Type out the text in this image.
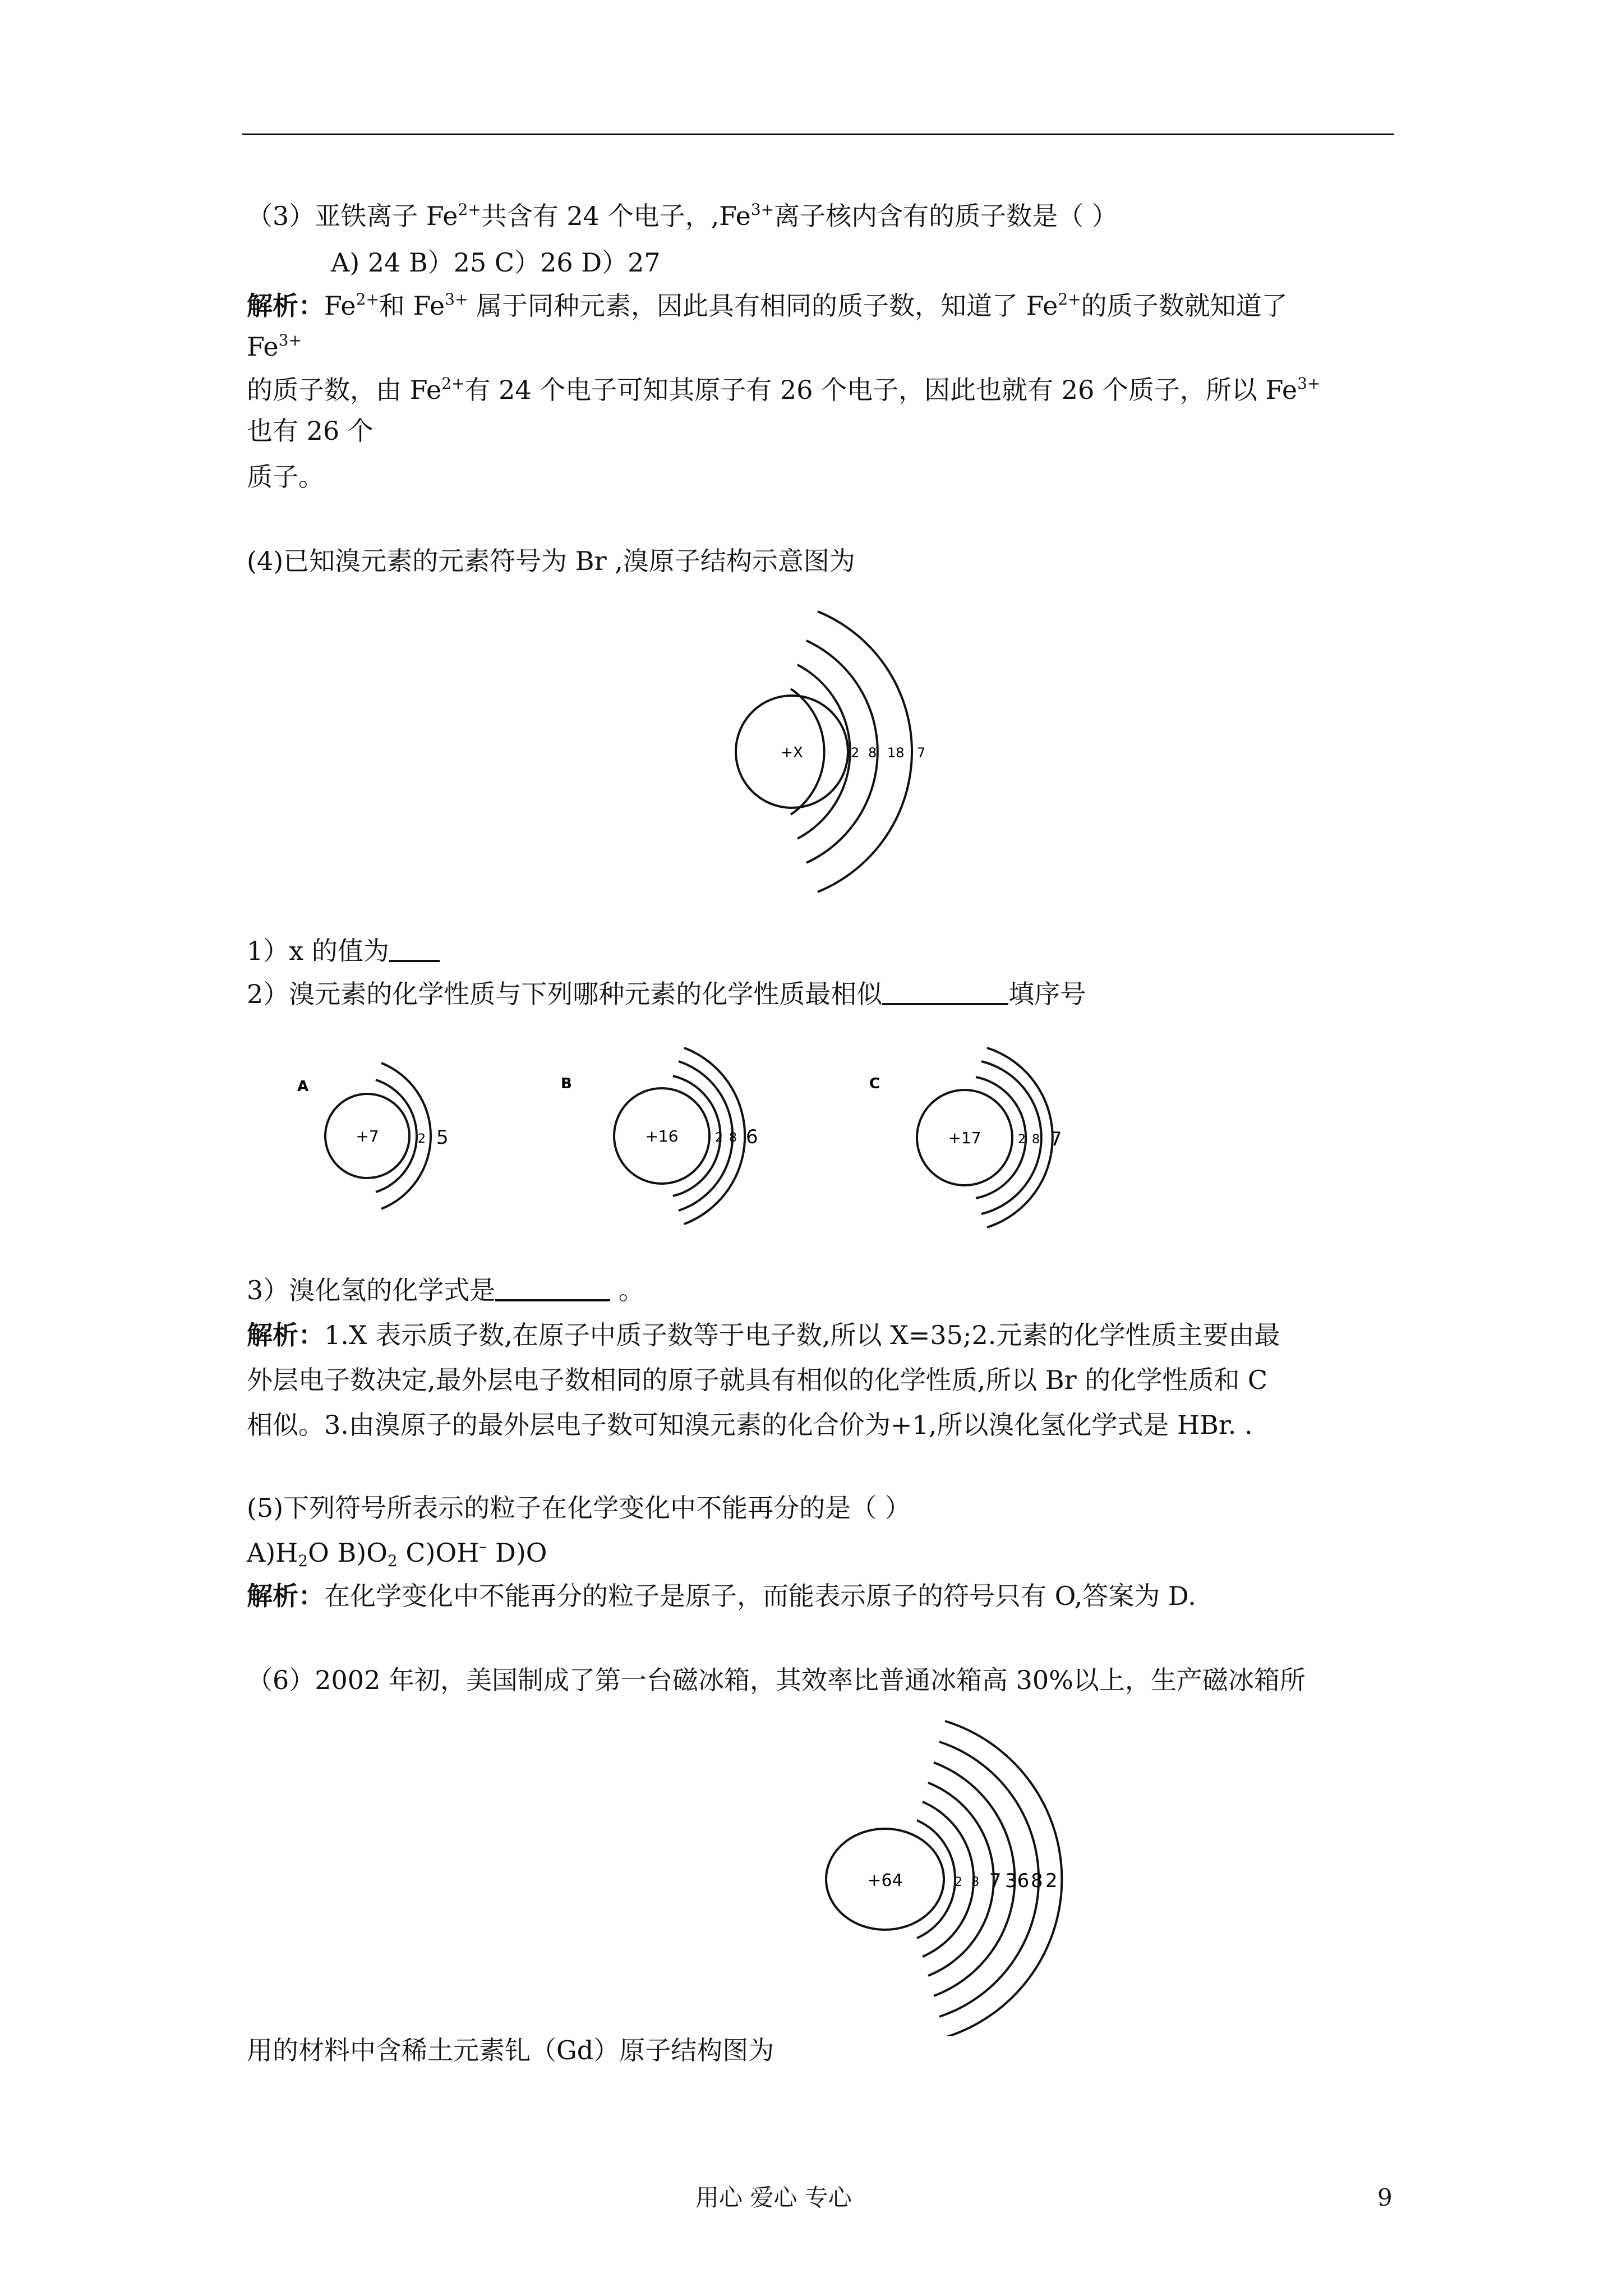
（3）亚铁离子 $Fe^{2+}$共含有 24 个电子，$,Fe^{3+}$离子核内含有的质子数是（ ）
A) 24 B）25 C）26 D）27
解析：$Fe^{2+}$和 $Fe^{3+}$ 属于同种元素，因此具有相同的质子数，知道了 $Fe^{2+}$的质子数就知道了
$Fe^{3+}$
的质子数，由 $Fe^{2+}$有 24 个电子可知其原子有 26 个电子，因此也就有 26 个质子，所以 $Fe^{3+}$
也有 26 个
质子。
(4)已知溴元素的元素符号为 Br ,溴原子结构示意图为
+X	2 8 18 7
1）x 的值为
2）溴元素的化学性质与下列哪种元素的化学性质最相似	填序号
A
+7	2 5
B
+16	2 8 6
C
+17	2 8 7
3）溴化氢的化学式是	。
解析：1.X 表示质子数,在原子中质子数等于电子数,所以 X=35;2.元素的化学性质主要由最
外层电子数决定,最外层电子数相同的原子就具有相似的化学性质,所以 Br 的化学性质和 C
相似。3.由溴原子的最外层电子数可知溴元素的化合价为+1,所以溴化氢化学式是 HBr. .
(5)下列符号所表示的粒子在化学变化中不能再分的是（ ）
$A)H_2O$ $B)O_2$ C)OH– D)O
解析：在化学变化中不能再分的粒子是原子，而能表示原子的符号只有 O,答案为 D.
（6）2002 年初，美国制成了第一台磁冰箱，其效率比普通冰箱高 30%以上，生产磁冰箱所
+64	2 8 7 36 8 2
用的材料中含稀土元素钆（Gd）原子结构图为
用心 爱心 专心	9
